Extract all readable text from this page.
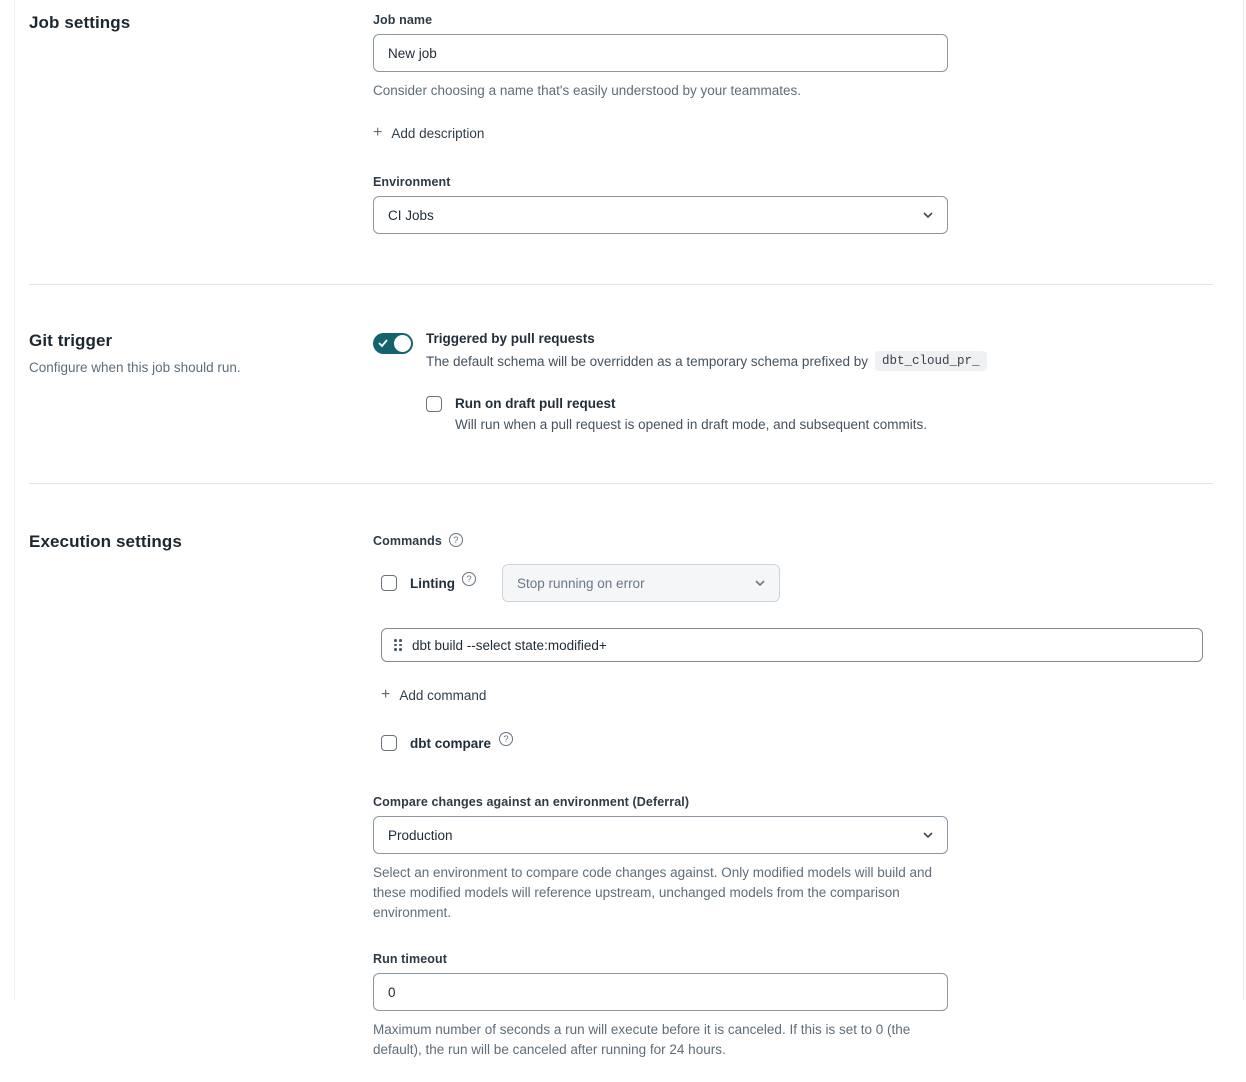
Job settings	Job name
New job
Consider choosing a name that's easily understood by your teammates.
+ Add description
Environment
CI Jobs
Git trigger
Configure when this job should run.
Triggered by pull requests
The default schema will be overridden as a temporary schema prefixed by	dbt_cloud_pr_
Run on draft pull request
Will run when a pull request is opened in draft mode, and subsequent commits.
Execution settings	Commands	?
Linting	?	Stop running on error
dbt build --select state:modified+
+ Add command
dbt compare	?
Compare changes against an environment (Deferral)
Production
Select an environment to compare code changes against. Only modified models will build and these modified models will reference upstream, unchanged models from the comparison environment.
Run timeout
0
Maximum number of seconds a run will execute before it is canceled. If this is set to 0 (the default), the run will be canceled after running for 24 hours.
